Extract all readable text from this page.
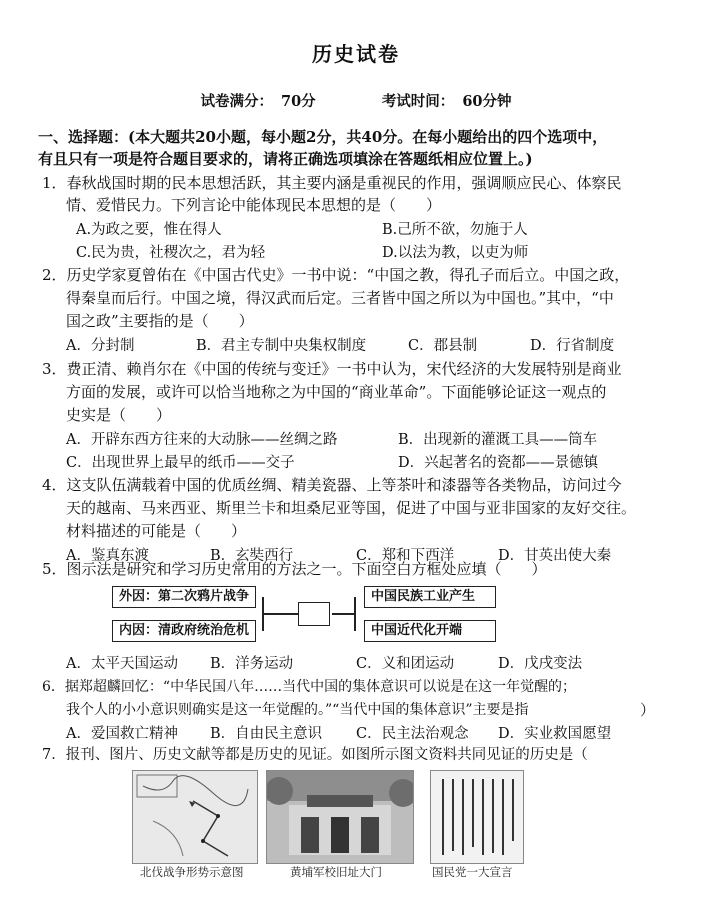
历史试卷
试卷满分： 70分	考试时间： 60分钟
一、选择题：(本大题共20小题，每小题2分，共40分。在每小题给出的四个选项中，
有且只有一项是符合题目要求的，请将正确选项填涂在答题纸相应位置上。)
1．春秋战国时期的民本思想活跃，其主要内涵是重视民的作用，强调顺应民心、体察民
情、爱惜民力。下列言论中能体现民本思想的是（　　）
A.为政之要，惟在得人	B.己所不欲，勿施于人
C.民为贵，社稷次之，君为轻	D.以法为教，以吏为师
2．历史学家夏曾佑在《中国古代史》一书中说：“中国之教，得孔子而后立。中国之政，
得秦皇而后行。中国之境，得汉武而后定。三者皆中国之所以为中国也。”其中，“中
国之政”主要指的是（　　）
A．分封制	B．君主专制中央集权制度	C．郡县制	D．行省制度
3．费正清、赖肖尔在《中国的传统与变迁》一书中认为，宋代经济的大发展特别是商业
方面的发展，或许可以恰当地称之为中国的“商业革命”。下面能够论证这一观点的
史实是（　　）
A．开辟东西方往来的大动脉——丝绸之路	B．出现新的灌溉工具——筒车
C．出现世界上最早的纸币——交子	D．兴起著名的瓷都——景德镇
4．这支队伍满载着中国的优质丝绸、精美瓷器、上等茶叶和漆器等各类物品，访问过今
天的越南、马来西亚、斯里兰卡和坦桑尼亚等国，促进了中国与亚非国家的友好交往。
材料描述的可能是（　　）
A．鉴真东渡	B．玄奘西行	C．郑和下西洋	D．甘英出使大秦
5．图示法是研究和学习历史常用的方法之一。下面空白方框处应填（　　）
外因：第二次鸦片战争
内因：清政府统治危机
中国民族工业产生
中国近代化开端
A．太平天国运动 B．洋务运动	C．义和团运动	D．戊戌变法
6．据郑超麟回忆：“中华民国八年……当代中国的集体意识可以说是在这一年觉醒的；
我个人的小小意识则确实是这一年觉醒的。”“当代中国的集体意识”主要是指	）
A．爱国救亡精神 B．自由民主意识 C．民主法治观念 D．实业救国愿望
7．报刊、图片、历史文献等都是历史的见证。如图所示图文资料共同见证的历史是（
北伐战争形势示意图	黄埔军校旧址大门	国民党一大宣言
